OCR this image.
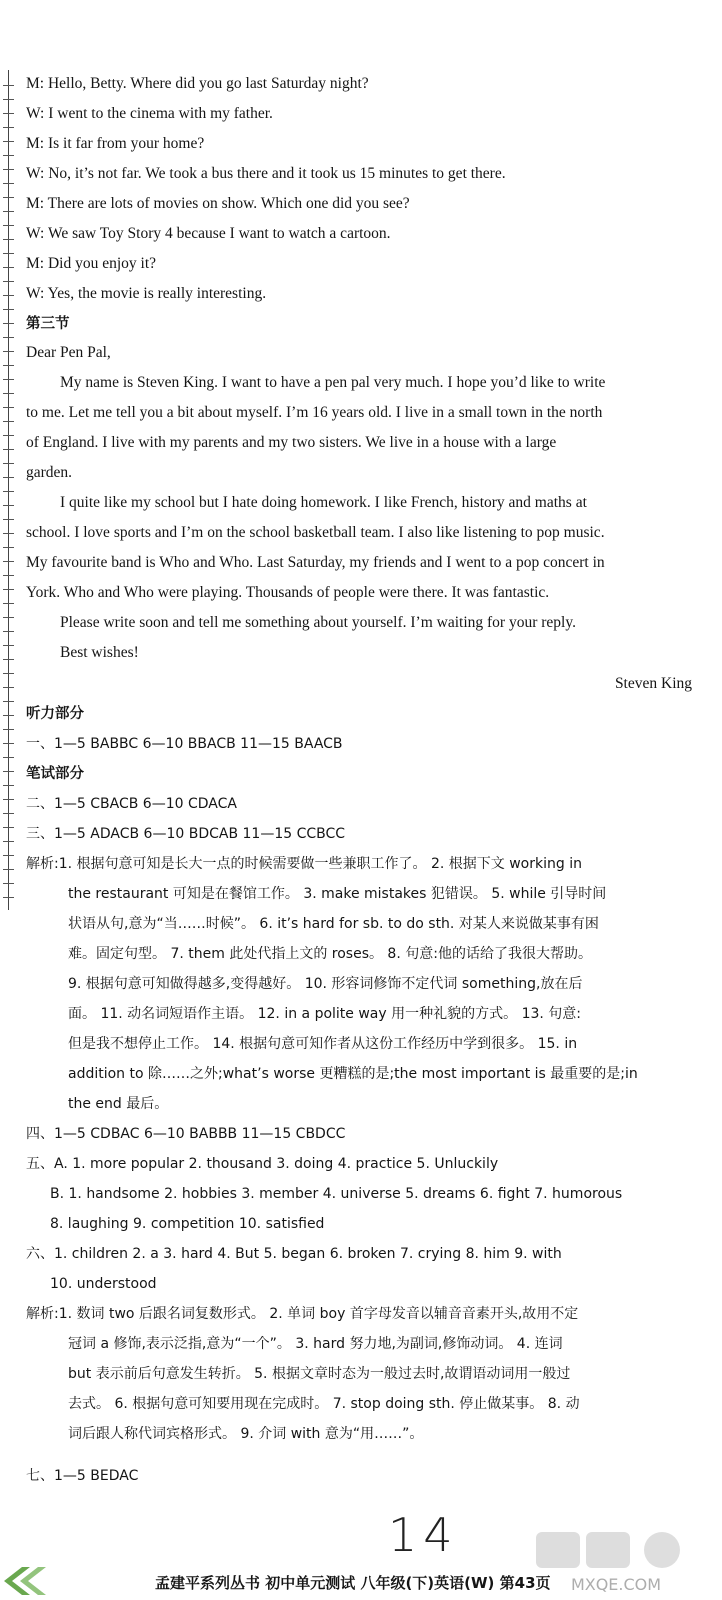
M: Hello, Betty. Where did you go last Saturday night?
W: I went to the cinema with my father.
M: Is it far from your home?
W: No, it’s not far. We took a bus there and it took us 15 minutes to get there.
M: There are lots of movies on show. Which one did you see?
W: We saw Toy Story 4 because I want to watch a cartoon.
M: Did you enjoy it?
W: Yes, the movie is really interesting.
第三节
Dear Pen Pal,
My name is Steven King. I want to have a pen pal very much. I hope you’d like to write
to me. Let me tell you a bit about myself. I’m 16 years old. I live in a small town in the north
of England. I live with my parents and my two sisters. We live in a house with a large
garden.
I quite like my school but I hate doing homework. I like French, history and maths at
school. I love sports and I’m on the school basketball team. I also like listening to pop music.
My favourite band is Who and Who. Last Saturday, my friends and I went to a pop concert in
York. Who and Who were playing. Thousands of people were there. It was fantastic.
Please write soon and tell me something about yourself. I’m waiting for your reply.
Best wishes!
Steven King
听力部分
一、1—5 BABBC 6—10 BBACB 11—15 BAACB
笔试部分
二、1—5 CBACB 6—10 CDACA
三、1—5 ADACB 6—10 BDCAB 11—15 CCBCC
解析:1. 根据句意可知是长大一点的时候需要做一些兼职工作了。 2. 根据下文 working in
the restaurant 可知是在餐馆工作。 3. make mistakes 犯错误。 5. while 引导时间
状语从句,意为“当……时候”。 6. it’s hard for sb. to do sth. 对某人来说做某事有困
难。固定句型。 7. them 此处代指上文的 roses。 8. 句意:他的话给了我很大帮助。
9. 根据句意可知做得越多,变得越好。 10. 形容词修饰不定代词 something,放在后
面。 11. 动名词短语作主语。 12. in a polite way 用一种礼貌的方式。 13. 句意:
但是我不想停止工作。 14. 根据句意可知作者从这份工作经历中学到很多。 15. in
addition to 除……之外;what’s worse 更糟糕的是;the most important is 最重要的是;in
the end 最后。
四、1—5 CDBAC 6—10 BABBB 11—15 CBDCC
五、A. 1. more popular 2. thousand 3. doing 4. practice 5. Unluckily
B. 1. handsome 2. hobbies 3. member 4. universe 5. dreams 6. fight 7. humorous
8. laughing 9. competition 10. satisfied
六、1. children 2. a 3. hard 4. But 5. began 6. broken 7. crying 8. him 9. with
10. understood
解析:1. 数词 two 后跟名词复数形式。 2. 单词 boy 首字母发音以辅音音素开头,故用不定
冠词 a 修饰,表示泛指,意为“一个”。 3. hard 努力地,为副词,修饰动词。 4. 连词
but 表示前后句意发生转折。 5. 根据文章时态为一般过去时,故谓语动词用一般过
去式。 6. 根据句意可知要用现在完成时。 7. stop doing sth. 停止做某事。 8. 动
词后跟人称代词宾格形式。 9. 介词 with 意为“用……”。
七、1—5 BEDAC
14
孟建平系列丛书 初中单元测试 八年级(下)英语(W) 第43页 MXQE.COM
